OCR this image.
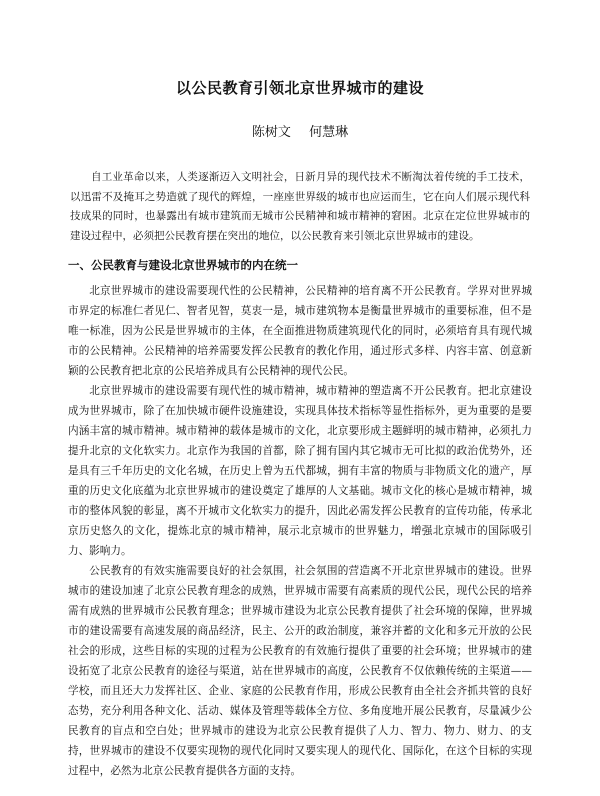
以公民教育引领北京世界城市的建设
陈树文 何慧琳

自工业革命以来，人类逐渐迈入文明社会，日新月异的现代技术不断淘汰着传统的手工技术，以迅雷不及掩耳之势造就了现代的辉煌，一座座世界级的城市也应运而生，它在向人们展示现代科技成果的同时，也暴露出有城市建筑而无城市公民精神和城市精神的窘困。北京在定位世界城市的建设过程中，必须把公民教育摆在突出的地位，以公民教育来引领北京世界城市的建设。

一、公民教育与建设北京世界城市的内在统一

北京世界城市的建设需要现代性的公民精神，公民精神的培育离不开公民教育。学界对世界城市界定的标准仁者见仁、智者见智，莫衷一是，城市建筑物本是衡量世界城市的重要标准，但不是唯一标准，因为公民是世界城市的主体，在全面推进物质建筑现代化的同时，必须培育具有现代城市的公民精神。公民精神的培养需要发挥公民教育的教化作用，通过形式多样、内容丰富、创意新颖的公民教育把北京的公民培养成具有公民精神的现代公民。

北京世界城市的建设需要有现代性的城市精神，城市精神的塑造离不开公民教育。把北京建设成为世界城市，除了在加快城市硬件设施建设，实现具体技术指标等显性指标外，更为重要的是要内涵丰富的城市精神。城市精神的载体是城市的文化，北京要形成主题鲜明的城市精神，必须扎力提升北京的文化软实力。北京作为我国的首都，除了拥有国内其它城市无可比拟的政治优势外，还是具有三千年历史的文化名城，在历史上曾为五代都城，拥有丰富的物质与非物质文化的遗产，厚重的历史文化底蕴为北京世界城市的建设奠定了雄厚的人文基础。城市文化的核心是城市精神，城市的整体风貌的彰显，离不开城市文化软实力的提升，因此必需发挥公民教育的宣传功能，传承北京历史悠久的文化，提炼北京的城市精神，展示北京城市的世界魅力，增强北京城市的国际吸引力、影响力。

公民教育的有效实施需要良好的社会氛围，社会氛围的营造离不开北京世界城市的建设。世界城市的建设加速了北京公民教育理念的成熟，世界城市需要有高素质的现代公民，现代公民的培养需有成熟的世界城市公民教育理念；世界城市建设为北京公民教育提供了社会环境的保障，世界城市的建设需要有高速发展的商品经济，民主、公开的政治制度，兼容并蓄的文化和多元开放的公民社会的形成，这些目标的实现的过程为公民教育的有效施行提供了重要的社会环境；世界城市的建设拓宽了北京公民教育的途径与渠道，站在世界城市的高度，公民教育不仅依赖传统的主渠道——学校，而且还大力发挥社区、企业、家庭的公民教育作用，形成公民教育由全社会齐抓共管的良好态势，充分利用各种文化、活动、媒体及管理等载体全方位、多角度地开展公民教育，尽量减少公民教育的盲点和空白处；世界城市的建设为北京公民教育提供了人力、智力、物力、财力、的支持，世界城市的建设不仅要实现物的现代化同时又要实现人的现代化、国际化，在这个目标的实现过程中，必然为北京公民教育提供各方面的支持。
